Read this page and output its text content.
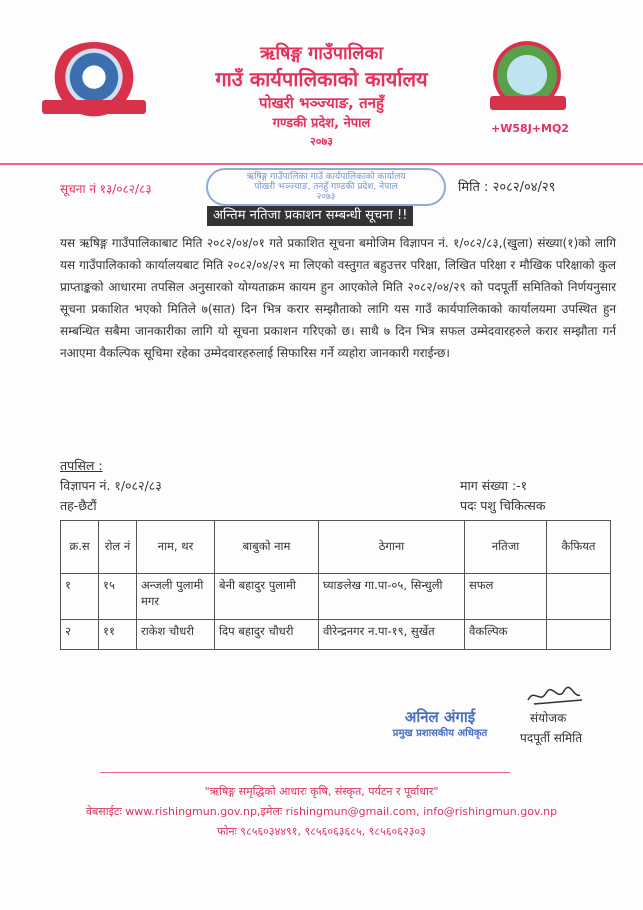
+W58J+MQ2
ऋषिङ्ग गाउँपालिका
गाउँ कार्यपालिकाको कार्यालय
पोखरी भञ्ज्याङ, तनहुँ
गण्डकी प्रदेश, नेपाल
२०७३
ऋषिङ्ग गाउँपालिका गाउँ कार्यपालिकाको कार्यालय
पोखरी भञ्ज्याङ, तनहुँ गण्डकी प्रदेश, नेपाल
२०७३
सूचना नं १३/०८२/८३	मिति : २०८२/०४/२९
अन्तिम नतिजा प्रकाशन सम्बन्धी सूचना !!
यस ऋषिङ्ग गाउँपालिकाबाट मिति २०८२/०४/०१ गते प्रकाशित सूचना बमोजिम विज्ञापन नं. १/०८२/८३,(खुला) संख्या(१)को लागि यस गाउँपालिकाको कार्यालयबाट मिति २०८२/०४/२९ मा लिएको वस्तुगत बहुउत्तर परिक्षा, लिखित परिक्षा र मौखिक परिक्षाको कुल प्राप्ताङ्कको आधारमा तपसिल अनुसारको योग्यताक्रम कायम हुन आएकोले मिति २०८२/०४/२९ को पदपूर्ती समितिको निर्णयनुसार सूचना प्रकाशित भएको मितिले ७(सात) दिन भित्र करार सम्झौताको लागि यस गाउँ कार्यपालिकाको कार्यालयमा उपस्थित हुन सम्बन्धित सबैमा जानकारीका लागि यो सूचना प्रकाशन गरिएको छ। साथै ७ दिन भित्र सफल उम्मेदवारहरुले करार सम्झौता गर्न नआएमा वैकल्पिक सूचिमा रहेका उम्मेदवारहरुलाई सिफारिस गर्ने व्यहोरा जानकारी गराईन्छ।
तपसिल :
विज्ञापन नं. १/०८२/८३	माग संख्या :-१
तह-छैटौं	पदः पशु चिकित्सक
क्र.स	रोल नं	नाम, थर	बाबुको नाम	ठेगाना	नतिजा	कैफियत
१	१५	अन्जली पुलामी मगर	बेनी बहादुर पुलामी	घ्याङलेख गा.पा-०५, सिन्धुली	सफल	
२	११	राकेश चौधरी	दिप बहादुर चौधरी	वीरेन्द्रनगर न.पा-१९, सुर्खेत	वैकल्पिक	
संयोजक
पदपूर्ती समिति
अनिल अंगाई
प्रमुख प्रशासकीय अधिकृत
"ऋषिङ्ग समृद्धिको आधारः कृषि, संस्कृत, पर्यटन र पूर्वाधार"
वेबसाईटः www.rishingmun.gov.np,इमेलः rishingmun@gmail.com, info@rishingmun.gov.np
फोनः ९८५६०३४४९१, ९८५६०६३६८५, ९८५६०६२३०३
